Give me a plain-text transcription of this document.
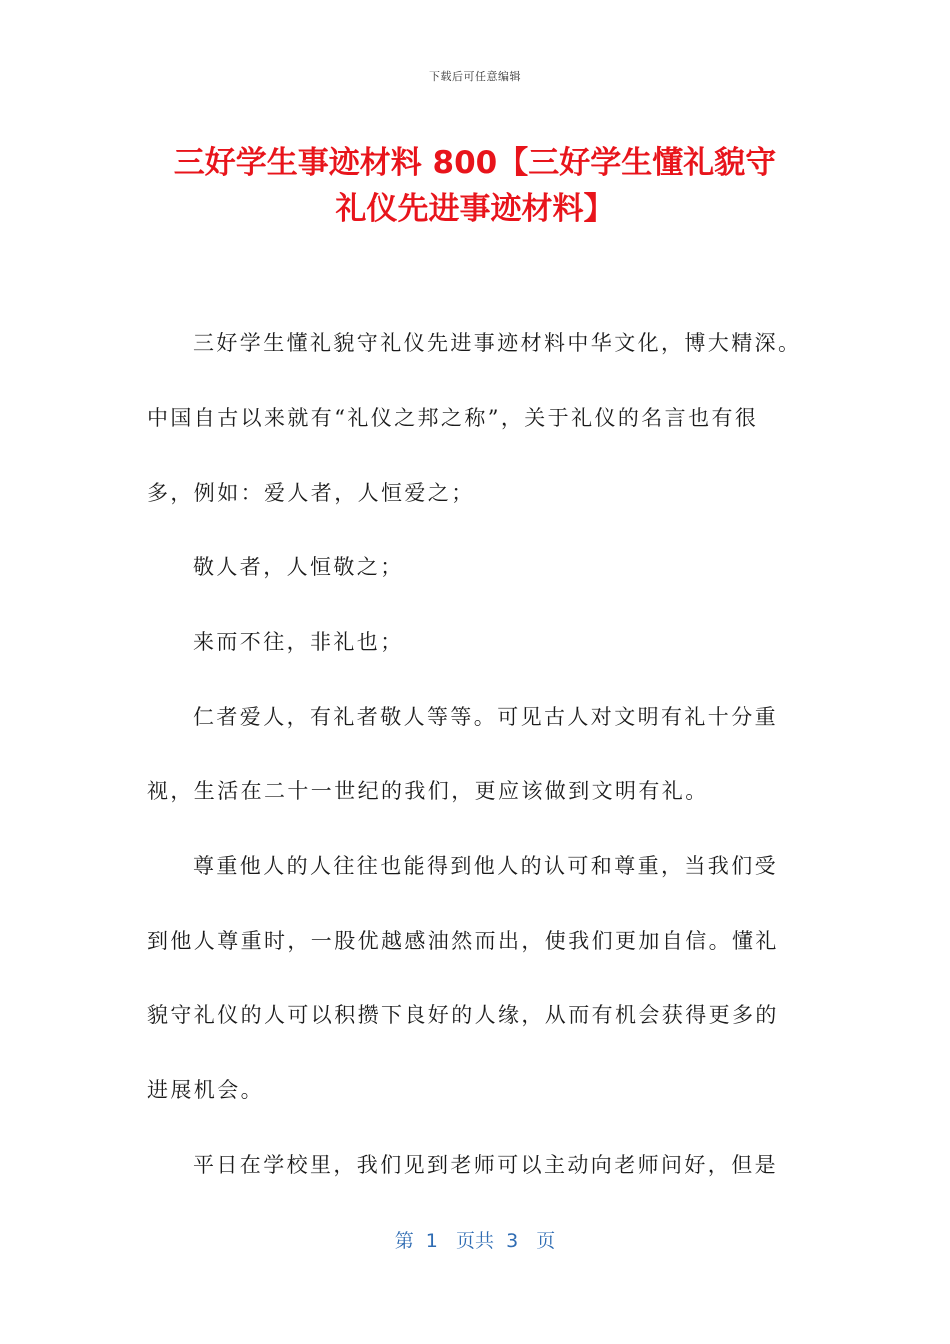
下载后可任意编辑
三好学生事迹材料 800【三好学生懂礼貌守
礼仪先进事迹材料】
三好学生懂礼貌守礼仪先进事迹材料中华文化，博大精深。
中国自古以来就有“礼仪之邦之称”，关于礼仪的名言也有很
多，例如：爱人者，人恒爱之；
敬人者，人恒敬之；
来而不往，非礼也；
仁者爱人，有礼者敬人等等。可见古人对文明有礼十分重
视，生活在二十一世纪的我们，更应该做到文明有礼。
尊重他人的人往往也能得到他人的认可和尊重，当我们受
到他人尊重时，一股优越感油然而出，使我们更加自信。懂礼
貌守礼仪的人可以积攒下良好的人缘，从而有机会获得更多的
进展机会。
平日在学校里，我们见到老师可以主动向老师问好，但是
第  1   页共  3   页
